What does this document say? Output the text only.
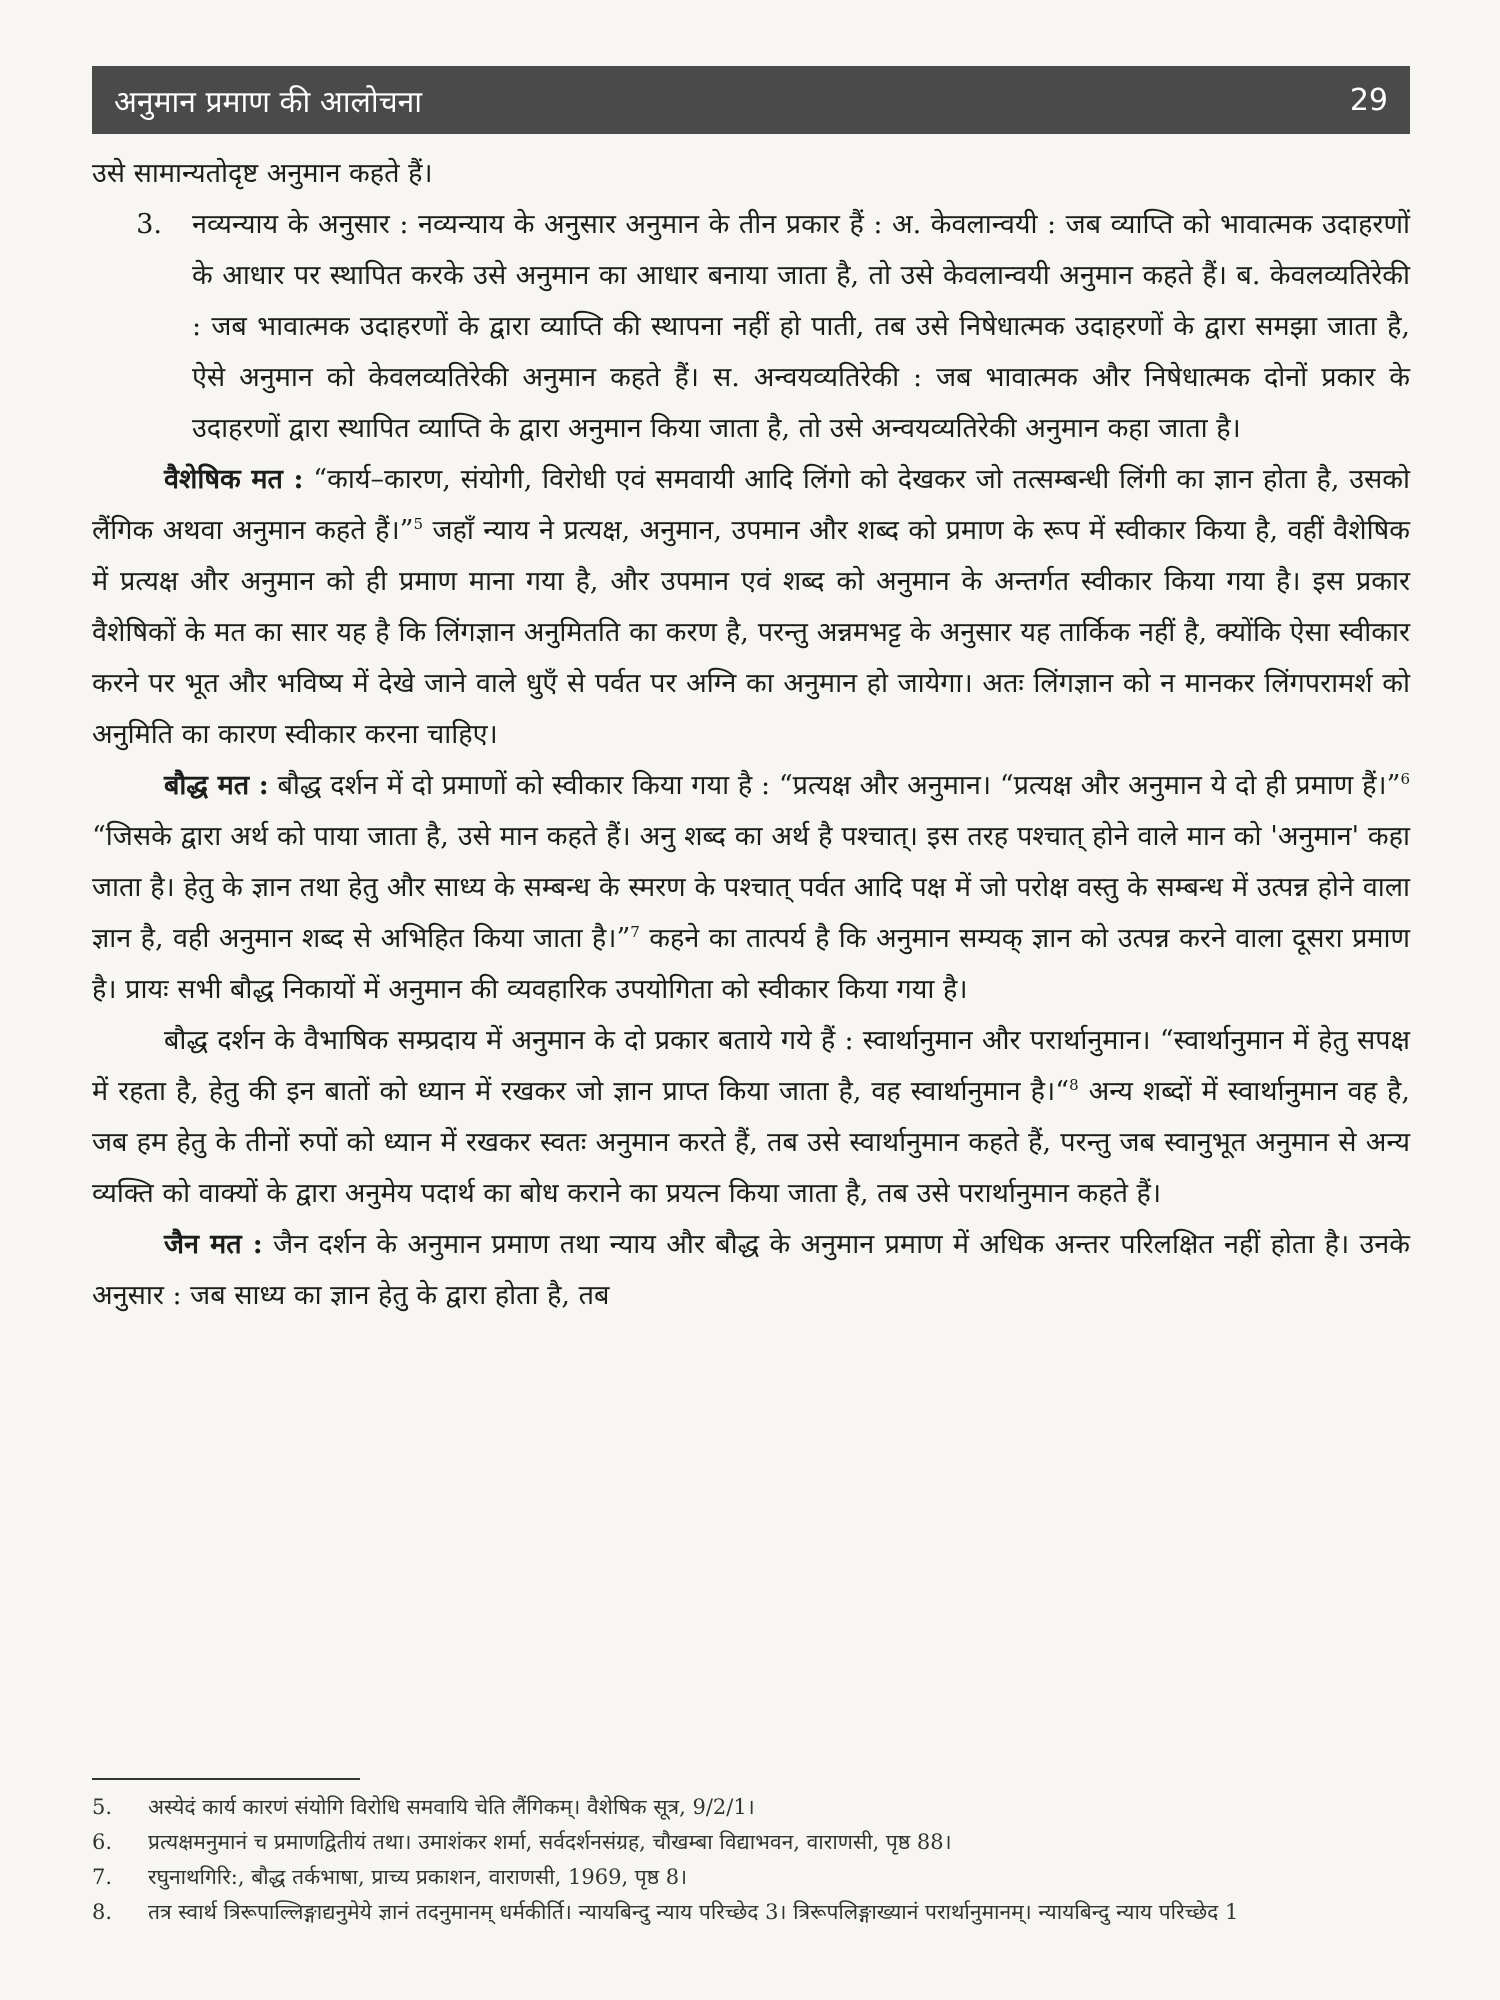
अनुमान प्रमाण की आलोचना	29

उसे सामान्यतोदृष्ट अनुमान कहते हैं।

3.	नव्यन्याय के अनुसार : नव्यन्याय के अनुसार अनुमान के तीन प्रकार हैं : अ. केवलान्वयी : जब व्याप्ति को भावात्मक उदाहरणों के आधार पर स्थापित करके उसे अनुमान का आधार बनाया जाता है, तो उसे केवलान्वयी अनुमान कहते हैं। ब. केवलव्यतिरेकी : जब भावात्मक उदाहरणों के द्वारा व्याप्ति की स्थापना नहीं हो पाती, तब उसे निषेधात्मक उदाहरणों के द्वारा समझा जाता है, ऐसे अनुमान को केवलव्यतिरेकी अनुमान कहते हैं। स. अन्वयव्यतिरेकी : जब भावात्मक और निषेधात्मक दोनों प्रकार के उदाहरणों द्वारा स्थापित व्याप्ति के द्वारा अनुमान किया जाता है, तो उसे अन्वयव्यतिरेकी अनुमान कहा जाता है।

वैशेषिक मत : “कार्य–कारण, संयोगी, विरोधी एवं समवायी आदि लिंगो को देखकर जो तत्सम्बन्धी लिंगी का ज्ञान होता है, उसको लैंगिक अथवा अनुमान कहते हैं।”$^5$ जहाँ न्याय ने प्रत्यक्ष, अनुमान, उपमान और शब्द को प्रमाण के रूप में स्वीकार किया है, वहीं वैशेषिक में प्रत्यक्ष और अनुमान को ही प्रमाण माना गया है, और उपमान एवं शब्द को अनुमान के अन्तर्गत स्वीकार किया गया है। इस प्रकार वैशेषिकों के मत का सार यह है कि लिंगज्ञान अनुमितति का करण है, परन्तु अन्नमभट्ट के अनुसार यह तार्किक नहीं है, क्योंकि ऐसा स्वीकार करने पर भूत और भविष्य में देखे जाने वाले धुएँ से पर्वत पर अग्नि का अनुमान हो जायेगा। अतः लिंगज्ञान को न मानकर लिंगपरामर्श को अनुमिति का कारण स्वीकार करना चाहिए।

बौद्ध मत : बौद्ध दर्शन में दो प्रमाणों को स्वीकार किया गया है : “प्रत्यक्ष और अनुमान। “प्रत्यक्ष और अनुमान ये दो ही प्रमाण हैं।”$^6$ “जिसके द्वारा अर्थ को पाया जाता है, उसे मान कहते हैं। अनु शब्द का अर्थ है पश्चात्। इस तरह पश्चात् होने वाले मान को 'अनुमान' कहा जाता है। हेतु के ज्ञान तथा हेतु और साध्य के सम्बन्ध के स्मरण के पश्चात् पर्वत आदि पक्ष में जो परोक्ष वस्तु के सम्बन्ध में उत्पन्न होने वाला ज्ञान है, वही अनुमान शब्द से अभिहित किया जाता है।”$^7$ कहने का तात्पर्य है कि अनुमान सम्यक् ज्ञान को उत्पन्न करने वाला दूसरा प्रमाण है। प्रायः सभी बौद्ध निकायों में अनुमान की व्यवहारिक उपयोगिता को स्वीकार किया गया है।

बौद्ध दर्शन के वैभाषिक सम्प्रदाय में अनुमान के दो प्रकार बताये गये हैं : स्वार्थानुमान और परार्थानुमान। “स्वार्थानुमान में हेतु सपक्ष में रहता है, हेतु की इन बातों को ध्यान में रखकर जो ज्ञान प्राप्त किया जाता है, वह स्वार्थानुमान है।“$^8$ अन्य शब्दों में स्वार्थानुमान वह है, जब हम हेतु के तीनों रुपों को ध्यान में रखकर स्वतः अनुमान करते हैं, तब उसे स्वार्थानुमान कहते हैं, परन्तु जब स्वानुभूत अनुमान से अन्य व्यक्ति को वाक्यों के द्वारा अनुमेय पदार्थ का बोध कराने का प्रयत्न किया जाता है, तब उसे परार्थानुमान कहते हैं।

जैन मत : जैन दर्शन के अनुमान प्रमाण तथा न्याय और बौद्ध के अनुमान प्रमाण में अधिक अन्तर परिलक्षित नहीं होता है। उनके अनुसार : जब साध्य का ज्ञान हेतु के द्वारा होता है, तब

5.	अस्येदं कार्य कारणं संयोगि विरोधि समवायि चेति लैंगिकम्। वैशेषिक सूत्र, 9/2/1।
6.	प्रत्यक्षमनुमानं च प्रमाणद्वितीयं तथा। उमाशंकर शर्मा, सर्वदर्शनसंग्रह, चौखम्बा विद्याभवन, वाराणसी, पृष्ठ 88।
7.	रघुनाथगिरि:, बौद्ध तर्कभाषा, प्राच्य प्रकाशन, वाराणसी, 1969, पृष्ठ 8।
8.	तत्र स्वार्थ त्रिरूपाल्लिङ्गाद्यनुमेये ज्ञानं तदनुमानम् धर्मकीर्ति। न्यायबिन्दु न्याय परिच्छेद 3। त्रिरूपलिङ्गाख्यानं परार्थानुमानम्। न्यायबिन्दु न्याय परिच्छेद 1
